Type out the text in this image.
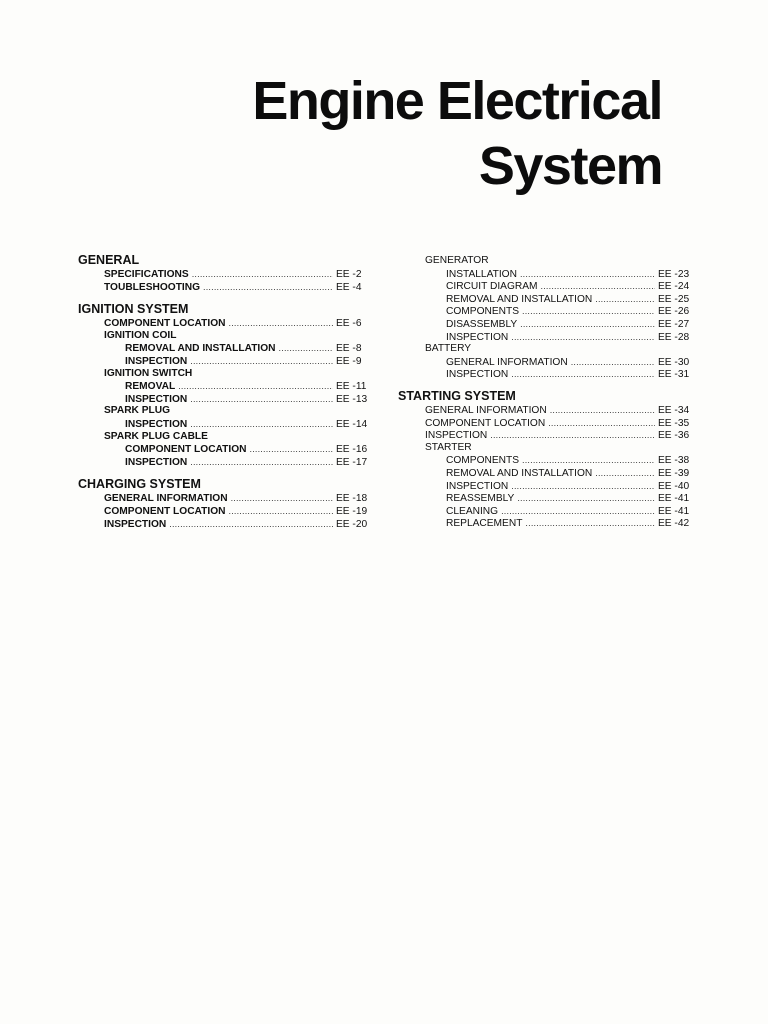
Engine Electrical
System
GENERAL
SPECIFICATIONS .....	EE -2
TOUBLESHOOTING .....	EE -4
IGNITION SYSTEM
COMPONENT LOCATION .....	EE -6
IGNITION COIL
REMOVAL AND INSTALLATION .....	EE -8
INSPECTION .....	EE -9
IGNITION SWITCH
REMOVAL .....	EE -11
INSPECTION .....	EE -13
SPARK PLUG
INSPECTION .....	EE -14
SPARK PLUG CABLE
COMPONENT LOCATION .....	EE -16
INSPECTION .....	EE -17
CHARGING SYSTEM
GENERAL INFORMATION .....	EE -18
COMPONENT LOCATION .....	EE -19
INSPECTION .....	EE -20
GENERATOR
INSTALLATION .....	EE -23
CIRCUIT DIAGRAM .....	EE -24
REMOVAL AND INSTALLATION .....	EE -25
COMPONENTS .....	EE -26
DISASSEMBLY .....	EE -27
INSPECTION .....	EE -28
BATTERY
GENERAL INFORMATION .....	EE -30
INSPECTION .....	EE -31
STARTING SYSTEM
GENERAL INFORMATION .....	EE -34
COMPONENT LOCATION .....	EE -35
INSPECTION .....	EE -36
STARTER
COMPONENTS .....	EE -38
REMOVAL AND INSTALLATION .....	EE -39
INSPECTION .....	EE -40
REASSEMBLY .....	EE -41
CLEANING .....	EE -41
REPLACEMENT .....	EE -42
